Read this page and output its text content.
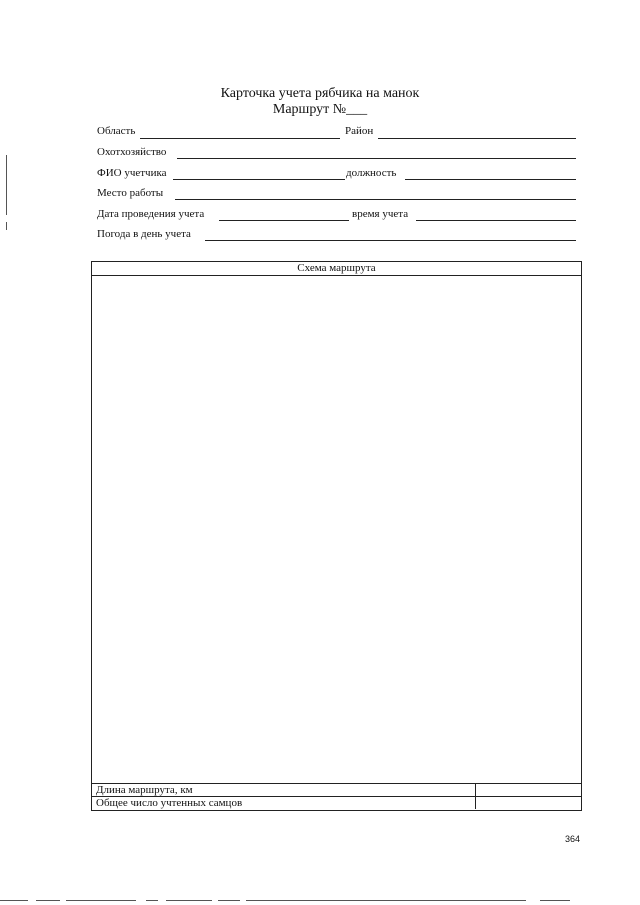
Карточка учета рябчика на манок
Маршрут №___
Область	Район
Охотхозяйство
ФИО учетчика	должность
Место работы
Дата проведения учета	время учета
Погода в день учета
Схема маршрута
Длина маршрута, км
Общее число учтенных самцов
364
